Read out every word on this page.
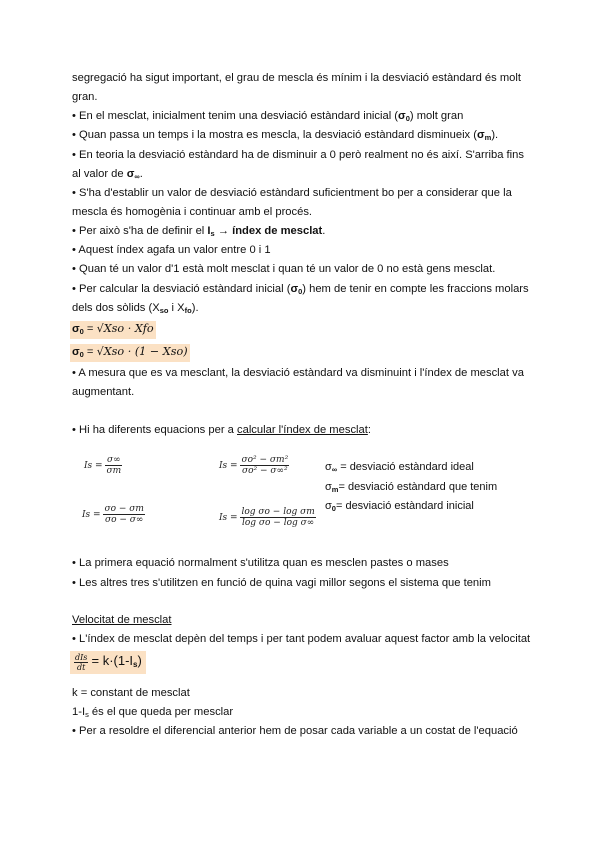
segregació ha sigut important, el grau de mescla és mínim i la desviació estàndard és molt
gran.
• En el mesclat, inicialment tenim una desviació estàndard inicial $(\sigma_0)$ molt gran
• Quan passa un temps i la mostra es mescla, la desviació estàndard disminueix $(\sigma_m)$.
• En teoria la desviació estàndard ha de disminuir a 0 però realment no és així. S'arriba fins
al valor de $\sigma_\infty$.
• S'ha d'establir un valor de desviació estàndard suficientment bo per a considerar que la
mescla és homogènia i continuar amb el procés.
• Per això s'ha de definir el $I_s$ → índex de mesclat.
• Aquest índex agafa un valor entre 0 i 1
• Quan té un valor d'1 està molt mesclat i quan té un valor de 0 no està gens mesclat.
• Per calcular la desviació estàndard inicial $(\sigma_0)$ hem de tenir en compte les fraccions molars
dels dos sòlids ($X_{so}$ i $X_{fo}$).
$\sigma_0 = √Xso$ · Xfo
$\sigma_0 = √Xso \cdot (1 - Xso)$
• A mesura que es va mesclant, la desviació estàndard va disminuint i l'índex de mesclat va
augmentant.
• Hi ha diferents equacions per a calcular l'índex de mesclat:
$Is = \frac{\sigma\infty}{\sigma m}$	$Is = \frac{\text{σo² − σm²}}{\text{σo² − σ∞²}}$
$Is = \frac{\sigma o - \sigma m}{\sigma o - \sigma\infty}$	$Is = \frac{\text{log σo − log σm}}{\text{log σo − log σ∞}}$
$\sigma_\infty$ = desviació estàndard ideal
$\sigma_m=$ desviació estàndard que tenim
$\sigma_0=$ desviació estàndard inicial
• La primera equació normalment s'utilitza quan es mesclen pastes o mases
• Les altres tres s'utilitzen en funció de quina vagi millor segons el sistema que tenim
Velocitat de mesclat
• L'índex de mesclat depèn del temps i per tant podem avaluar aquest factor amb la velocitat
$\frac{\text{dIs}}{dt} = k\cdot(1-I_s)$
k = constant de mesclat
$1-I_s$ és el que queda per mesclar
• Per a resoldre el diferencial anterior hem de posar cada variable a un costat de l'equació
